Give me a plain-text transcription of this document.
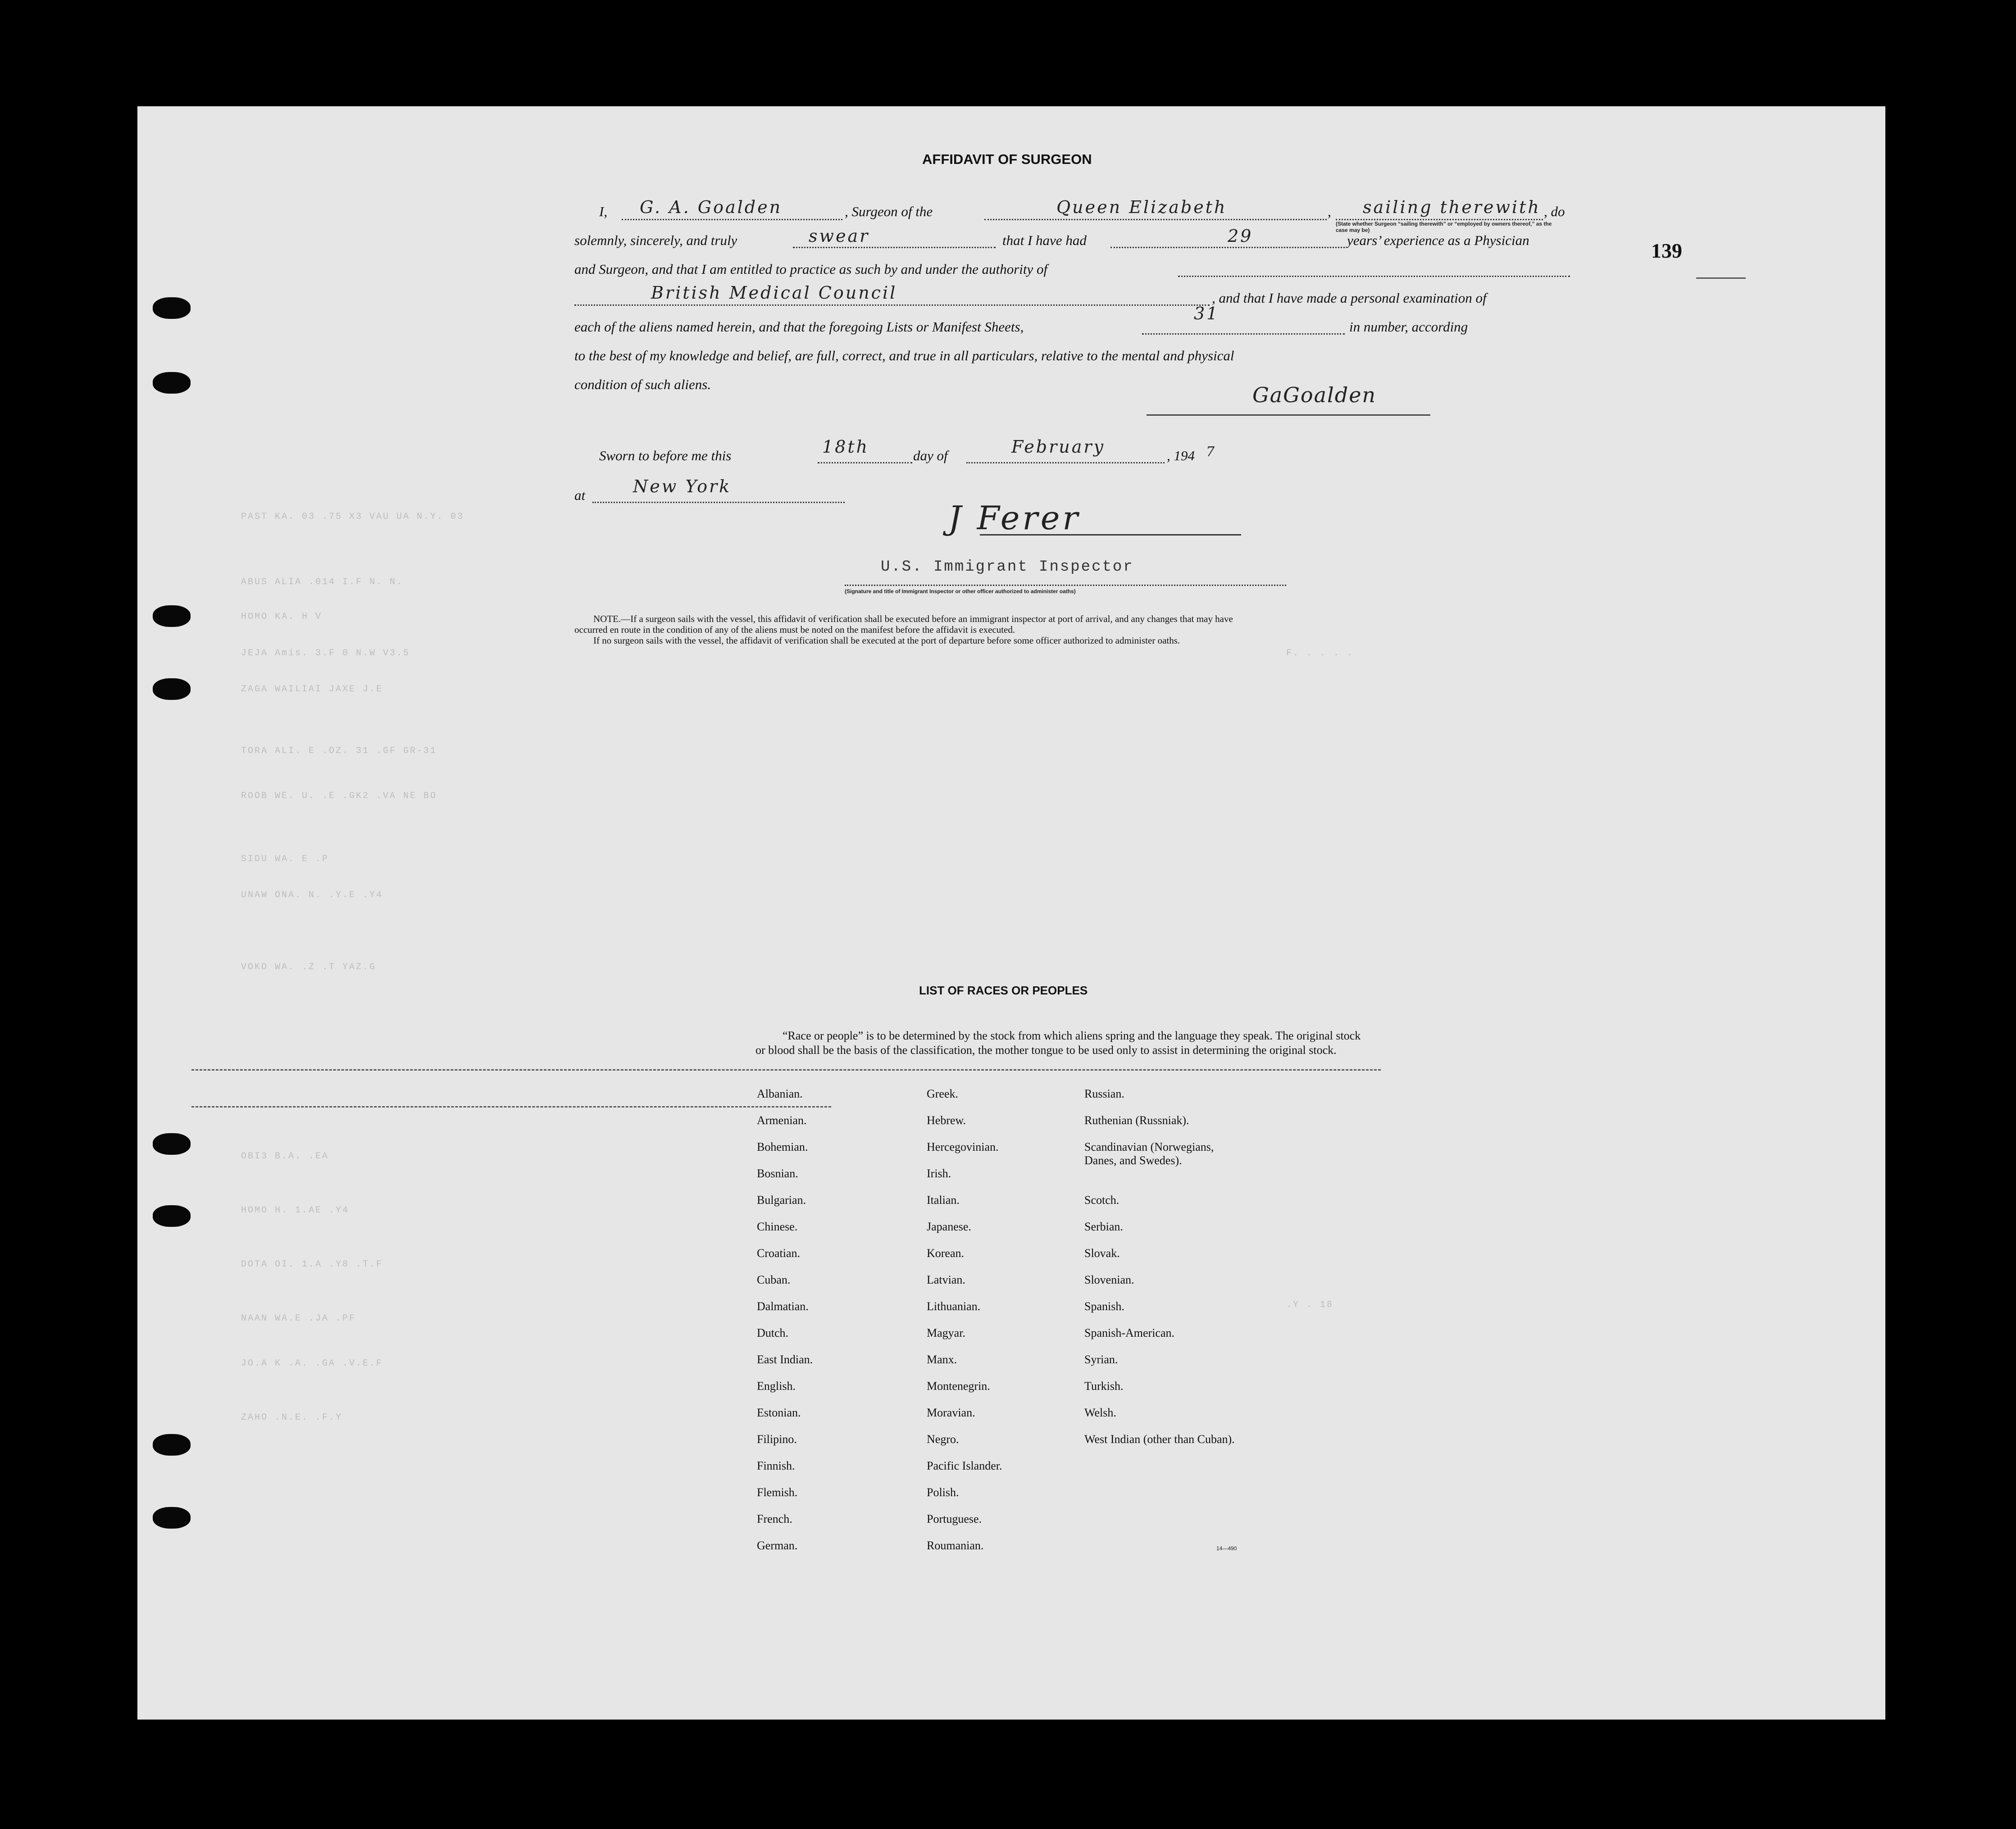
139
AFFIDAVIT OF SURGEON
I, G. A. Goalden	, Surgeon of the	Queen Elizabeth	, sailing therewith , do
(State whether Surgeon “sailing therewith” or “employed by owners thereof,” as the case may be)
solemnly, sincerely, and truly	swear	that I have had	29	years’ experience as a Physician
and Surgeon, and that I am entitled to practice as such by and under the authority of
British Medical Council	, and that I have made a personal examination of
each of the aliens named herein, and that the foregoing Lists or Manifest Sheets,
31
in number, according
to the best of my knowledge and belief, are full, correct, and true in all particulars, relative to the mental and physical
condition of such aliens.	GaGoalden
Sworn to before me this	18th	day of	February	, 194 7
at	New York
J Ferer
U.S. Immigrant Inspector
(Signature and title of Immigrant Inspector or other officer authorized to administer oaths)
NOTE.—If a surgeon sails with the vessel, this affidavit of verification shall be executed before an immigrant inspector at port of arrival, and any changes that may have
occurred en route in the condition of any of the aliens must be noted on the manifest before the affidavit is executed.
If no surgeon sails with the vessel, the affidavit of verification shall be executed at the port of departure before some officer authorized to administer oaths.
PAST KA. 03 .75 X3 VAU UA N.Y. 03
ABUS ALIA .014 I.F N. N.
HOMO KA. H V
JEJA Amis. 3.F 0 N.W V3.5
ZAGA WAILIAI JAXE J.E
TORA ALI. E .OZ. 31 .GF GR-31
ROOB WE. U. .E .GK2 .VA NE BO
SIDU WA. E .P
UNAW ONA. N. .Y.E .Y4
VOKO WA. .Z .T YAZ.G
OBI3 B.A. .EA
HOMO H. 1.AE .Y4
DOTA OI. 1.A .Y8 .T.F
NAAN WA.E .JA .PF
JO.A K .A. .GA .V.E.F
ZAHO .N.E. .F.Y
F. . . . .
.Y . 18
LIST OF RACES OR PEOPLES
“Race or people” is to be determined by the stock from which aliens spring and the language they speak. The original stock or blood shall be the basis of the classification, the mother tongue to be used only to assist in determining the original stock.
Albanian.
Armenian.
Bohemian.
Bosnian.
Bulgarian.
Chinese.
Croatian.
Cuban.
Dalmatian.
Dutch.
East Indian.
English.
Estonian.
Filipino.
Finnish.
Flemish.
French.
German.
Greek.
Hebrew.
Hercegovinian.
Irish.
Italian.
Japanese.
Korean.
Latvian.
Lithuanian.
Magyar.
Manx.
Montenegrin.
Moravian.
Negro.
Pacific Islander.
Polish.
Portuguese.
Roumanian.
Russian.
Ruthenian (Russniak).
Scandinavian (Norwegians, Danes, and Swedes).
Scotch.
Serbian.
Slovak.
Slovenian.
Spanish.
Spanish-American.
Syrian.
Turkish.
Welsh.
West Indian (other than Cuban).
14—490
